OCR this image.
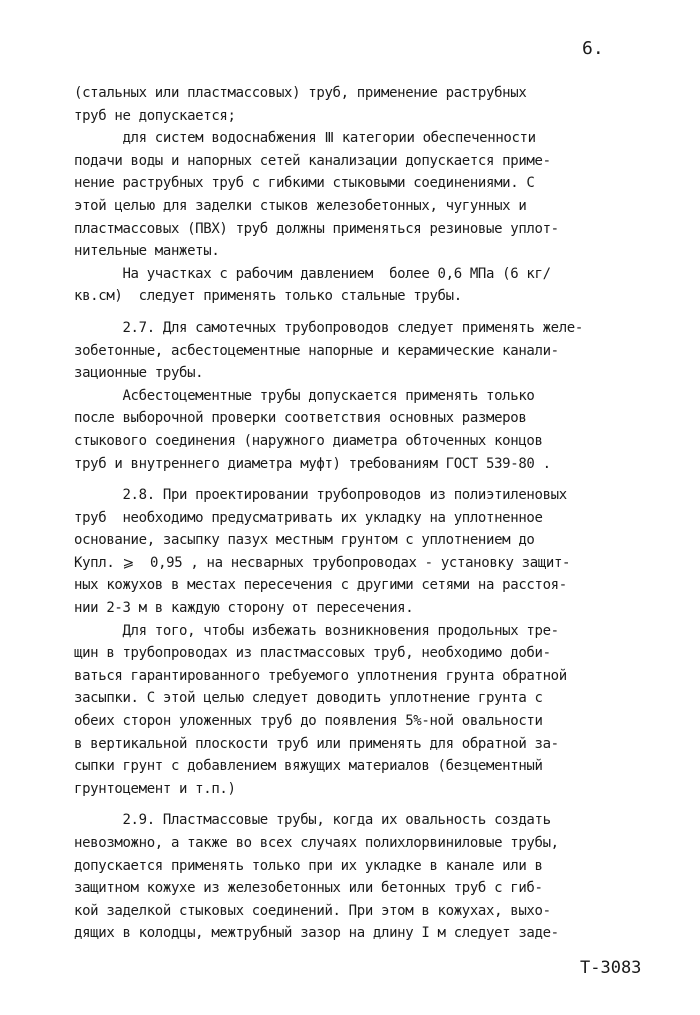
6.
(стальных или пластмассовых) труб, применение раструбных
труб не допускается;
для систем водоснабжения Ⅲ категории обеспеченности
подачи воды и напорных сетей канализации допускается приме-
нение раструбных труб с гибкими стыковыми соединениями. С
этой целью для заделки стыков железобетонных, чугунных и
пластмассовых (ПВХ) труб должны применяться резиновые уплот-
нительные манжеты.
На участках с рабочим давлением  более 0,6 МПа (6 кг/
кв.см)  следует применять только стальные трубы.
2.7. Для самотечных трубопроводов следует применять желе-
зобетонные, асбестоцементные напорные и керамические канали-
зационные трубы.
Асбестоцементные трубы допускается применять только
после выборочной проверки соответствия основных размеров
стыкового соединения (наружного диаметра обточенных концов
труб и внутреннего диаметра муфт) требованиям ГОСТ 539-80 .
2.8. При проектировании трубопроводов из полиэтиленовых
труб  необходимо предусматривать их укладку на уплотненное
основание, засыпку пазух местным грунтом с уплотнением до
Купл. ⩾  0,95 , на несварных трубопроводах - установку защит-
ных кожухов в местах пересечения с другими сетями на расстоя-
нии 2-3 м в каждую сторону от пересечения.
Для того, чтобы избежать возникновения продольных тре-
щин в трубопроводах из пластмассовых труб, необходимо доби-
ваться гарантированного требуемого уплотнения грунта обратной
засыпки. С этой целью следует доводить уплотнение грунта с
обеих сторон уложенных труб до появления 5%-ной овальности
в вертикальной плоскости труб или применять для обратной за-
сыпки грунт с добавлением вяжущих материалов (безцементный
грунтоцемент и т.п.)
2.9. Пластмассовые трубы, когда их овальность создать
невозможно, а также во всех случаях полихлорвиниловые трубы,
допускается применять только при их укладке в канале или в
защитном кожухе из железобетонных или бетонных труб с гиб-
кой заделкой стыковых соединений. При этом в кожухах, выхо-
дящих в колодцы, межтрубный зазор на длину I м следует заде-
Т-3083
